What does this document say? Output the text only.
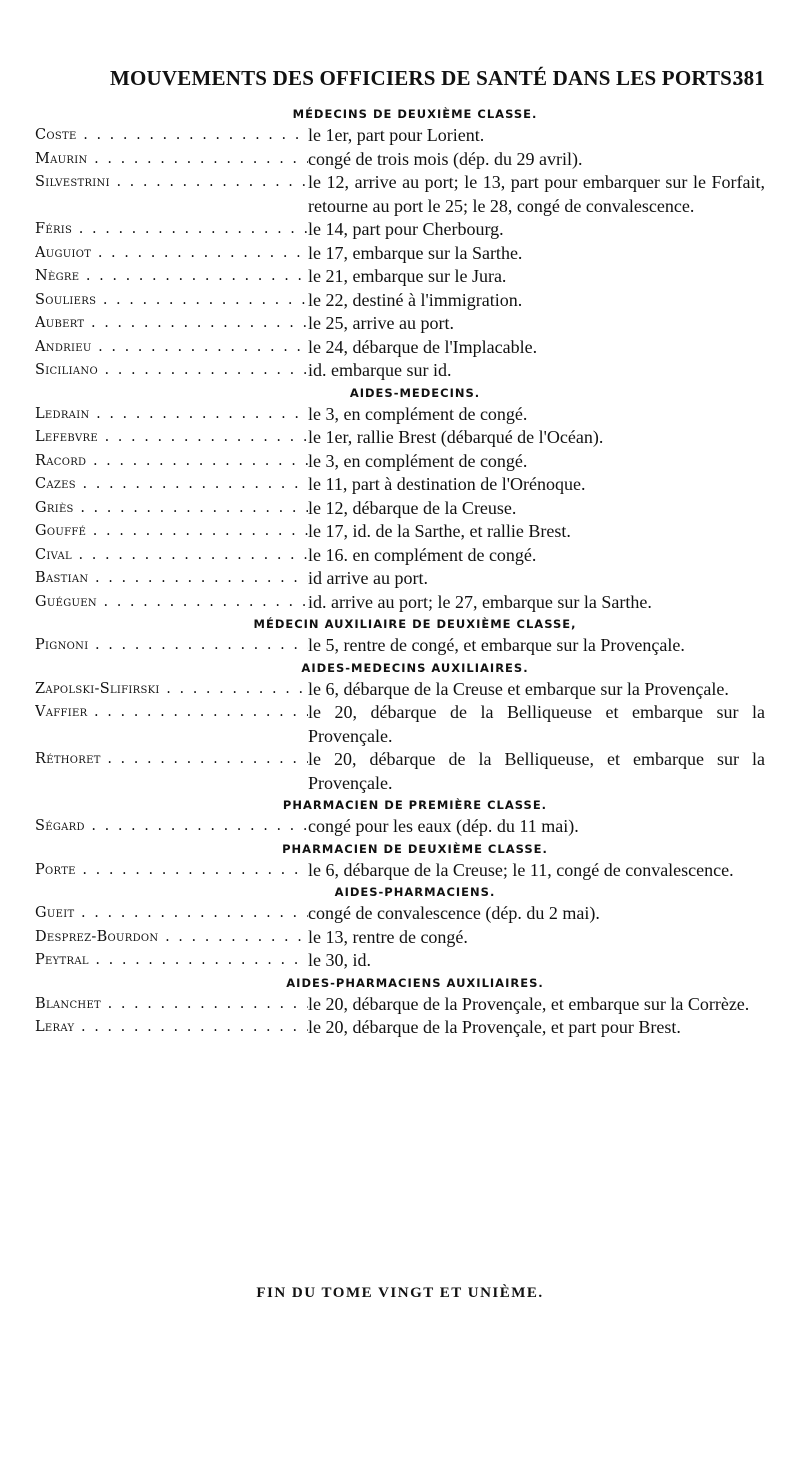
MOUVEMENTS DES OFFICIERS DE SANTÉ DANS LES PORTS.
381
MÉDECINS DE DEUXIÈME CLASSE.
Coste . . .	le 1er, part pour Lorient.
Maurin . . .	congé de trois mois (dép. du 29 avril).
Silvestrini . . .	le 12, arrive au port; le 13, part pour embarquer sur le Forfait, retourne au port le 25; le 28, congé de convalescence.
Féris . . .	le 14, part pour Cherbourg.
Auguiot . . .	le 17, embarque sur la Sarthe.
Nègre . . .	le 21, embarque sur le Jura.
Souliers . . .	le 22, destiné à l'immigration.
Aubert . . .	le 25, arrive au port.
Andrieu . . .	le 24, débarque de l'Implacable.
Siciliano . . .	id. embarque sur id.
AIDES-MEDECINS.
Ledrain . . .	le 3, en complément de congé.
Lefebvre . . .	le 1er, rallie Brest (débarqué de l'Océan).
Racord . . .	le 3, en complément de congé.
Cazes . . .	le 11, part à destination de l'Orénoque.
Griès . . .	le 12, débarque de la Creuse.
Gouffé . . .	le 17, id. de la Sarthe, et rallie Brest.
Cival . . .	le 16. en complément de congé.
Bastian . . .	id arrive au port.
Guéguen . . .	id. arrive au port; le 27, embarque sur la Sarthe.
MÉDECIN AUXILIAIRE DE DEUXIÈME CLASSE,
Pignoni . . .	le 5, rentre de congé, et embarque sur la Provençale.
AIDES-MEDECINS AUXILIAIRES.
Zapolski-Slifirski . . .	le 6, débarque de la Creuse et embarque sur la Provençale.
Vaffier . . .	le 20, débarque de la Belliqueuse et embarque sur la Provençale.
Réthoret . . .	le 20, débarque de la Belliqueuse, et embarque sur la Provençale.
PHARMACIEN DE PREMIÈRE CLASSE.
Ségard . . .	congé pour les eaux (dép. du 11 mai).
PHARMACIEN DE DEUXIÈME CLASSE.
Porte . . .	le 6, débarque de la Creuse; le 11, congé de convalescence.
AIDES-PHARMACIENS.
Gueit . . .	congé de convalescence (dép. du 2 mai).
Desprez-Bourdon . . .	le 13, rentre de congé.
Peytral . . .	le 30, id.
AIDES-PHARMACIENS AUXILIAIRES.
Blanchet . . .	le 20, débarque de la Provençale, et embarque sur la Corrèze.
Leray . . .	le 20, débarque de la Provençale, et part pour Brest.
FIN DU TOME VINGT ET UNIÈME.
